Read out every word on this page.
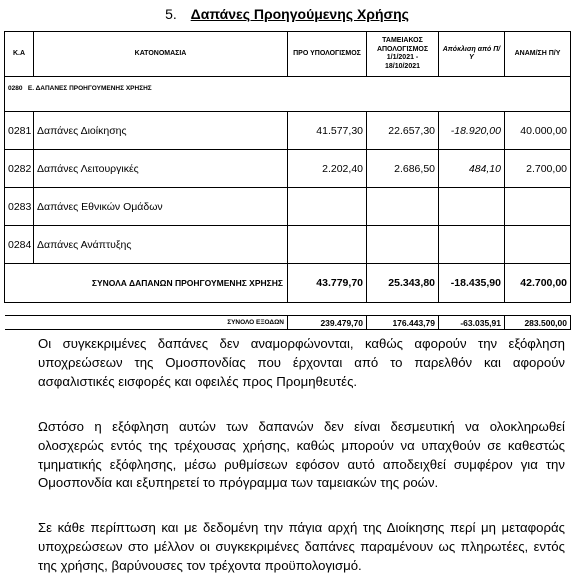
5. Δαπάνες Προηγούμενης Χρήσης
Κ.Α	ΚΑΤΟΝΟΜΑΣΙΑ	ΠΡΟ ΥΠΟΛΟΓΙΣΜΟΣ	ΤΑΜΕΙΑΚΟΣ ΑΠΟΛΟΓΙΣΜΟΣ 1/1/2021 - 18/10/2021	Απόκλιση από Π/Υ	ΑΝΑΜ/ΣΗ Π/Υ
0280 Ε. ΔΑΠΑΝΕΣ ΠΡΟΗΓΟΥΜΕΝΗΣ ΧΡΗΣΗΣ					

0281	Δαπάνες Διοίκησης	41.577,30	22.657,30	-18.920,00	40.000,00
0282	Δαπάνες Λειτουργικές	2.202,40	2.686,50	484,10	2.700,00
0283	Δαπάνες Εθνικών Ομάδων				
0284	Δαπάνες Ανάπτυξης				
ΣΥΝΟΛΑ ΔΑΠΑΝΩΝ ΠΡΟΗΓΟΥΜΕΝΗΣ ΧΡΗΣΗΣ		43.779,70	25.343,80	-18.435,90	42.700,00

ΣΥΝΟΛΟ ΕΞΟΔΩΝ		239.479,70	176.443,79	-63.035,91	283.500,00

Οι συγκεκριμένες δαπάνες δεν αναμορφώνονται, καθώς αφορούν την εξόφληση υποχρεώσεων της Ομοσπονδίας που έρχονται από το παρελθόν και αφορούν ασφαλιστικές εισφορές και οφειλές προς Προμηθευτές.

Ωστόσο η εξόφληση αυτών των δαπανών δεν είναι δεσμευτική να ολοκληρωθεί ολοσχερώς εντός της τρέχουσας χρήσης, καθώς μπορούν να υπαχθούν σε καθεστώς τμηματικής εξόφλησης, μέσω ρυθμίσεων εφόσον αυτό αποδειχθεί συμφέρον για την Ομοσπονδία και εξυπηρετεί το πρόγραμμα των ταμειακών της ροών.

Σε κάθε περίπτωση και με δεδομένη την πάγια αρχή της Διοίκησης περί μη μεταφοράς υποχρεώσεων στο μέλλον οι συγκεκριμένες δαπάνες παραμένουν ως πληρωτέες, εντός της χρήσης, βαρύνουσες τον τρέχοντα προϋπολογισμό.
